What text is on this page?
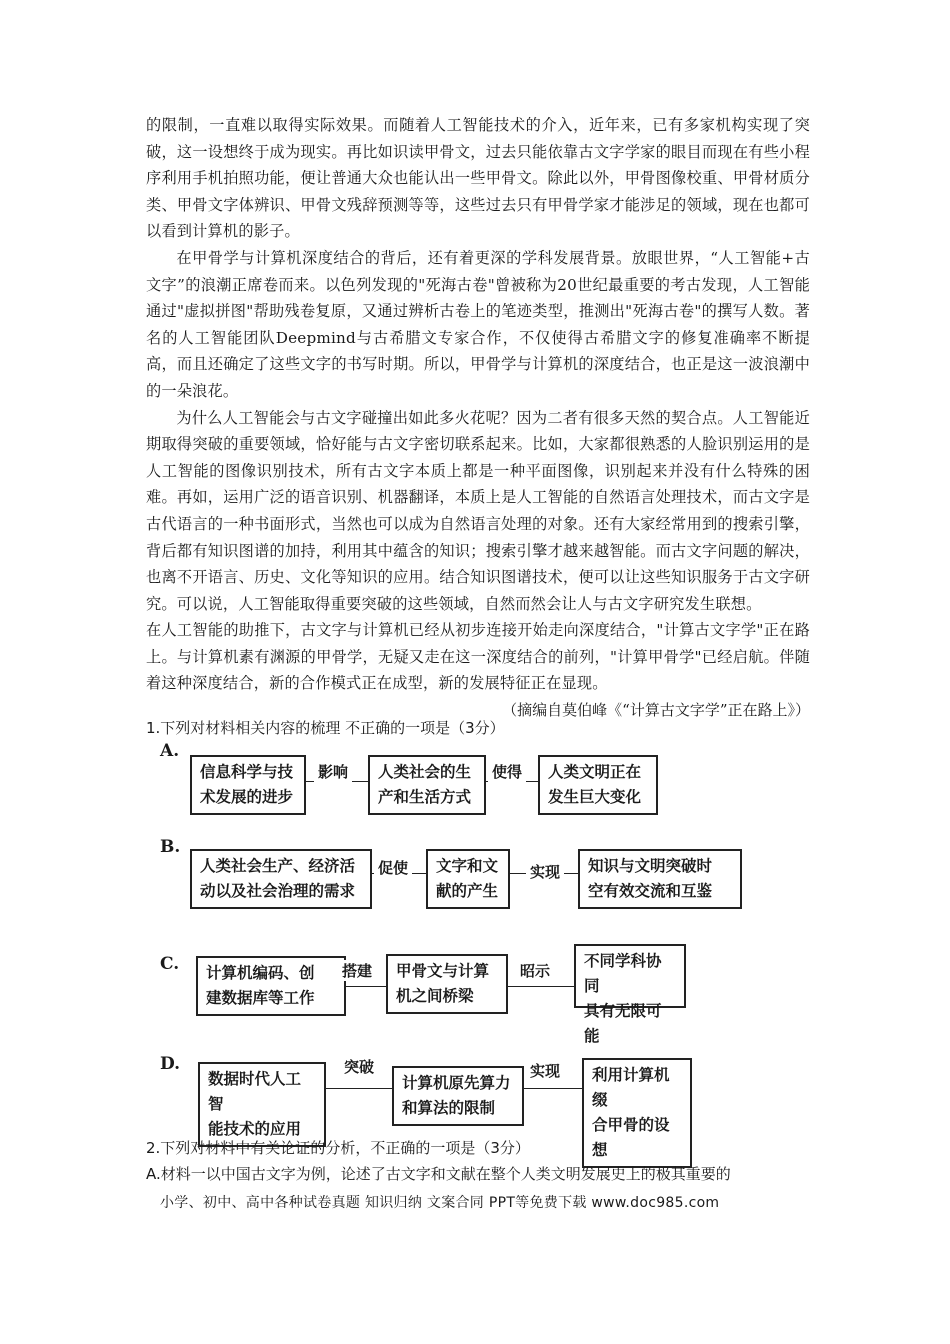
的限制，一直难以取得实际效果。而随着人工智能技术的介入，近年来，已有多家机构实现了突破，这一设想终于成为现实。再比如识读甲骨文，过去只能依靠古文字学家的眼目而现在有些小程序利用手机拍照功能，便让普通大众也能认出一些甲骨文。除此以外，甲骨图像校重、甲骨材质分类、甲骨文字体辨识、甲骨文残辞预测等等，这些过去只有甲骨学家才能涉足的领域，现在也都可以看到计算机的影子。

在甲骨学与计算机深度结合的背后，还有着更深的学科发展背景。放眼世界，“人工智能+古文字”的浪潮正席卷而来。以色列发现的"死海古卷"曾被称为20世纪最重要的考古发现，人工智能通过"虚拟拼图"帮助残卷复原，又通过辨析古卷上的笔迹类型，推测出"死海古卷"的撰写人数。著名的人工智能团队Deepmind与古希腊文专家合作，不仅使得古希腊文字的修复准确率不断提高，而且还确定了这些文字的书写时期。所以，甲骨学与计算机的深度结合，也正是这一波浪潮中的一朵浪花。

为什么人工智能会与古文字碰撞出如此多火花呢？因为二者有很多天然的契合点。人工智能近期取得突破的重要领域，恰好能与古文字密切联系起来。比如，大家都很熟悉的人脸识别运用的是人工智能的图像识别技术，所有古文字本质上都是一种平面图像，识别起来并没有什么特殊的困难。再如，运用广泛的语音识别、机器翻译，本质上是人工智能的自然语言处理技术，而古文字是古代语言的一种书面形式，当然也可以成为自然语言处理的对象。还有大家经常用到的搜索引擎，背后都有知识图谱的加持，利用其中蕴含的知识；搜索引擎才越来越智能。而古文字问题的解决，也离不开语言、历史、文化等知识的应用。结合知识图谱技术，便可以让这些知识服务于古文字研究。可以说，人工智能取得重要突破的这些领域，自然而然会让人与古文字研究发生联想。

在人工智能的助推下，古文字与计算机已经从初步连接开始走向深度结合，"计算古文字学"正在路上。与计算机素有渊源的甲骨学，无疑又走在这一深度结合的前列，"计算甲骨学"已经启航。伴随着这种深度结合，新的合作模式正在成型，新的发展特征正在显现。

（摘编自莫伯峰《“计算古文字学”正在路上》）

1.下列对材料相关内容的梳理 不正确的一项是（3分）
A.
信息科学与技
术发展的进步
影响 人类社会的生
产和生活方式
使得 人类文明正在
发生巨大变化
B.
人类社会生产、经济活
动以及社会治理的需求
促使 文字和文
献的产生
实现 知识与文明突破时
空有效交流和互鉴
C. 计算机编码、创
建数据库等工作
搭建 甲骨文与计算
机之间桥梁
昭示
不同学科协同
具有无限可能
D.
数据时代人工智
能技术的应用
突破
计算机原先算力
和算法的限制
实现 利用计算机缀
合甲骨的设想
2.下列对材料中有关论证的分析，不正确的一项是（3分）
A.材料一以中国古文字为例，论述了古文字和文献在整个人类文明发展史上的极其重要的
小学、初中、高中各种试卷真题 知识归纳 文案合同 PPT等免费下载 www.doc985.com
